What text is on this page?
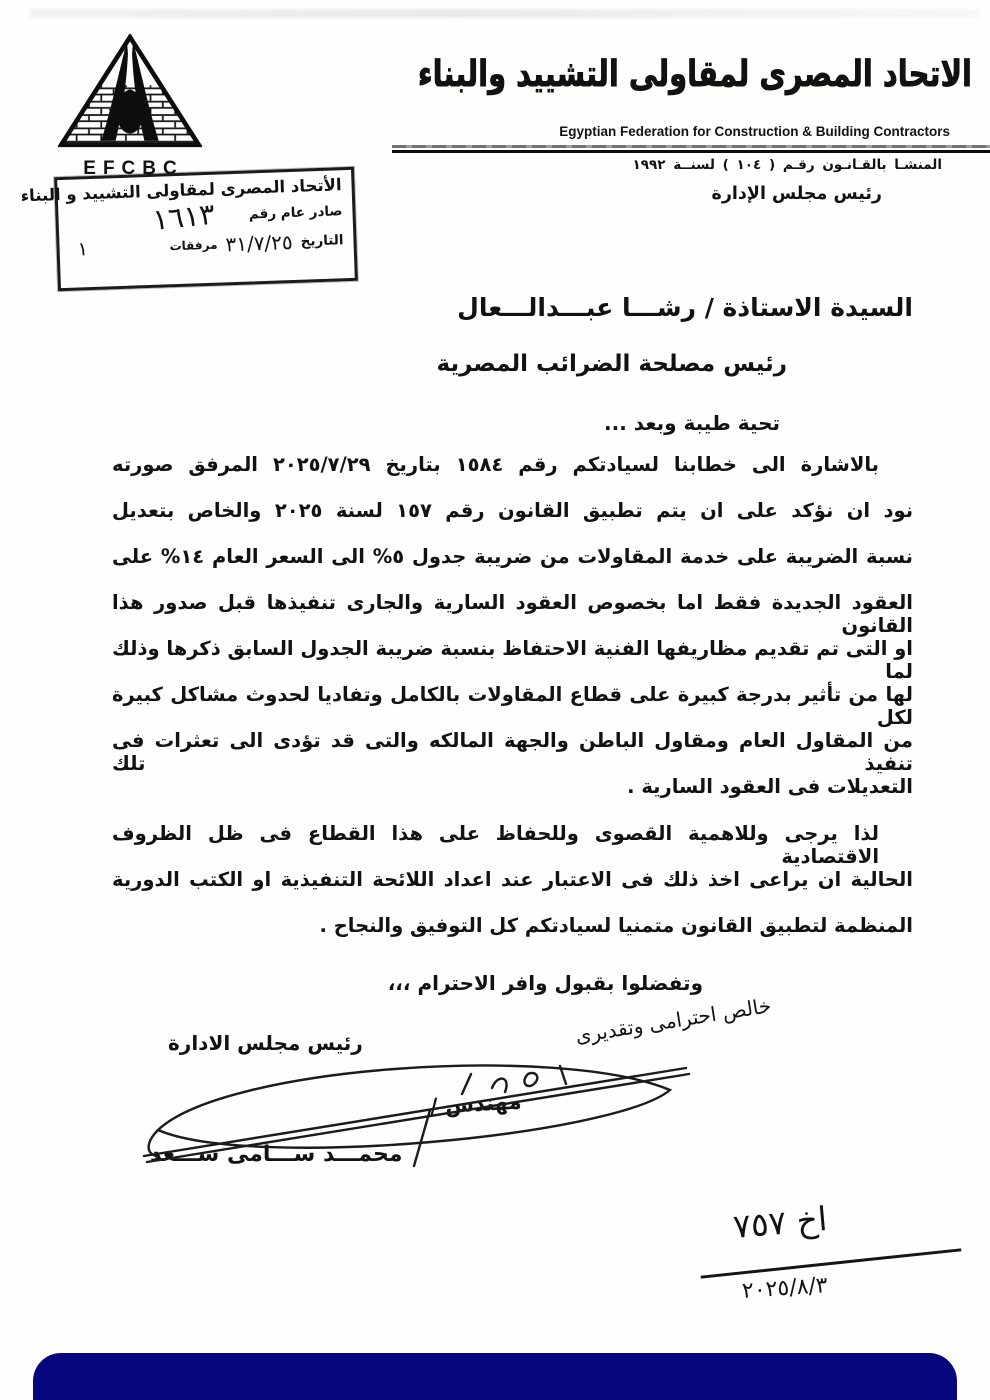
EFCBC
الاتحاد المصرى لمقاولى التشييد والبناء
Egyptian Federation for Construction & Building Contractors
المنشـا بالقـانـون رقـم ( ١٠٤ ) لسنــة ١٩٩٢
رئيس مجلس الإدارة
الأتحاد المصرى لمقاولى التشييد و البناء
صادر عام رقم
١٦١٣
التاريخ
٣١/٧/٢٥
مرفقات
١
السيدة الاستاذة / رشـــا عبـــدالـــعال
رئيس مصلحة الضرائب المصرية
تحية طيبة وبعد ...
بالاشارة الى خطابنا لسيادتكم رقم ١٥٨٤ بتاريخ ٢٠٢٥/٧/٢٩ المرفق صورته
نود ان نؤكد على ان يتم تطبيق القانون رقم ١٥٧ لسنة ٢٠٢٥ والخاص بتعديل
نسبة الضريبة على خدمة المقاولات من ضريبة جدول ٥% الى السعر العام ١٤% على
العقود الجديدة فقط اما بخصوص العقود السارية والجارى تنفيذها قبل صدور هذا القانون
او التى تم تقديم مظاريفها الفنية الاحتفاظ بنسبة ضريبة الجدول السابق ذكرها وذلك لما
لها من تأثير بدرجة كبيرة على قطاع المقاولات بالكامل وتفاديا لحدوث مشاكل كبيرة لكل
من المقاول العام ومقاول الباطن والجهة المالكه والتى قد تؤدى الى تعثرات فى تنفيذ تلك
التعديلات فى العقود السارية .
لذا يرجى وللاهمية القصوى وللحفاظ على هذا القطاع فى ظل الظروف الاقتصادية
الحالية ان يراعى اخذ ذلك فى الاعتبار عند اعداد اللائحة التنفيذية او الكتب الدورية
المنظمة لتطبيق القانون متمنيا لسيادتكم كل التوفيق والنجاح .
وتفضلوا بقبول وافر الاحترام ،،،
رئيس مجلس الادارة	خالص احترامى وتقديرى
مهندس /
محمـــد ســـامى ســـعد
اخ ٧٥٧
٢٠٢٥/٨/٣
